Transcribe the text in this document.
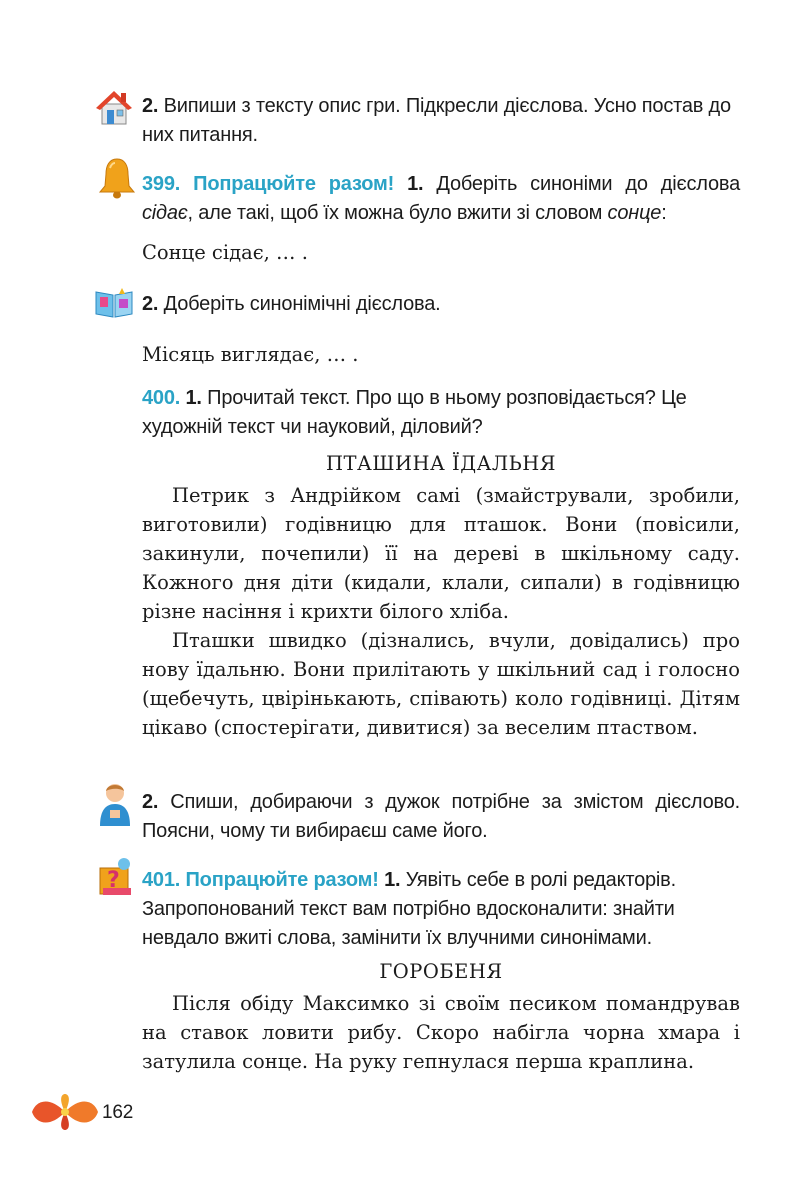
?
2. Випиши з тексту опис гри. Підкресли дієслова. Усно постав до них питання.
399. Попрацюйте разом! 1. Доберіть синоніми до дієслова сідає, але такі, щоб їх можна було вжити зі словом сонце:
Сонце сідає, … .
2. Доберіть синонімічні дієслова.
Місяць виглядає, … .
400. 1. Прочитай текст. Про що в ньому розповідається? Це художній текст чи науковий, діловий?
ПТАШИНА ЇДАЛЬНЯ

Петрик з Андрійком самі (змайстрували, зробили, виготовили) годівницю для пташок. Вони (повісили, закинули, почепили) її на дереві в шкільному саду. Кожного дня діти (кидали, клали, сипали) в годівницю різне насіння і крихти білого хліба.

Пташки швидко (дізнались, вчули, довідались) про нову їдальню. Вони прилітають у шкільний сад і голосно (щебечуть, цвірінькають, співають) коло годівниці. Дітям цікаво (спостерігати, дивитися) за веселим птаством.

2. Спиши, добираючи з дужок потрібне за змістом дієслово. Поясни, чому ти вибираєш саме його.
401. Попрацюйте разом! 1. Уявіть себе в ролі редакторів. Запропонований текст вам потрібно вдосконалити: знайти невдало вжиті слова, замінити їх влучними синонімами.
ГОРОБЕНЯ

Після обіду Максимко зі своїм песиком помандрував на ставок ловити рибу. Скоро набігла чорна хмара і затулила сонце. На руку гепнулася перша краплина.

162
